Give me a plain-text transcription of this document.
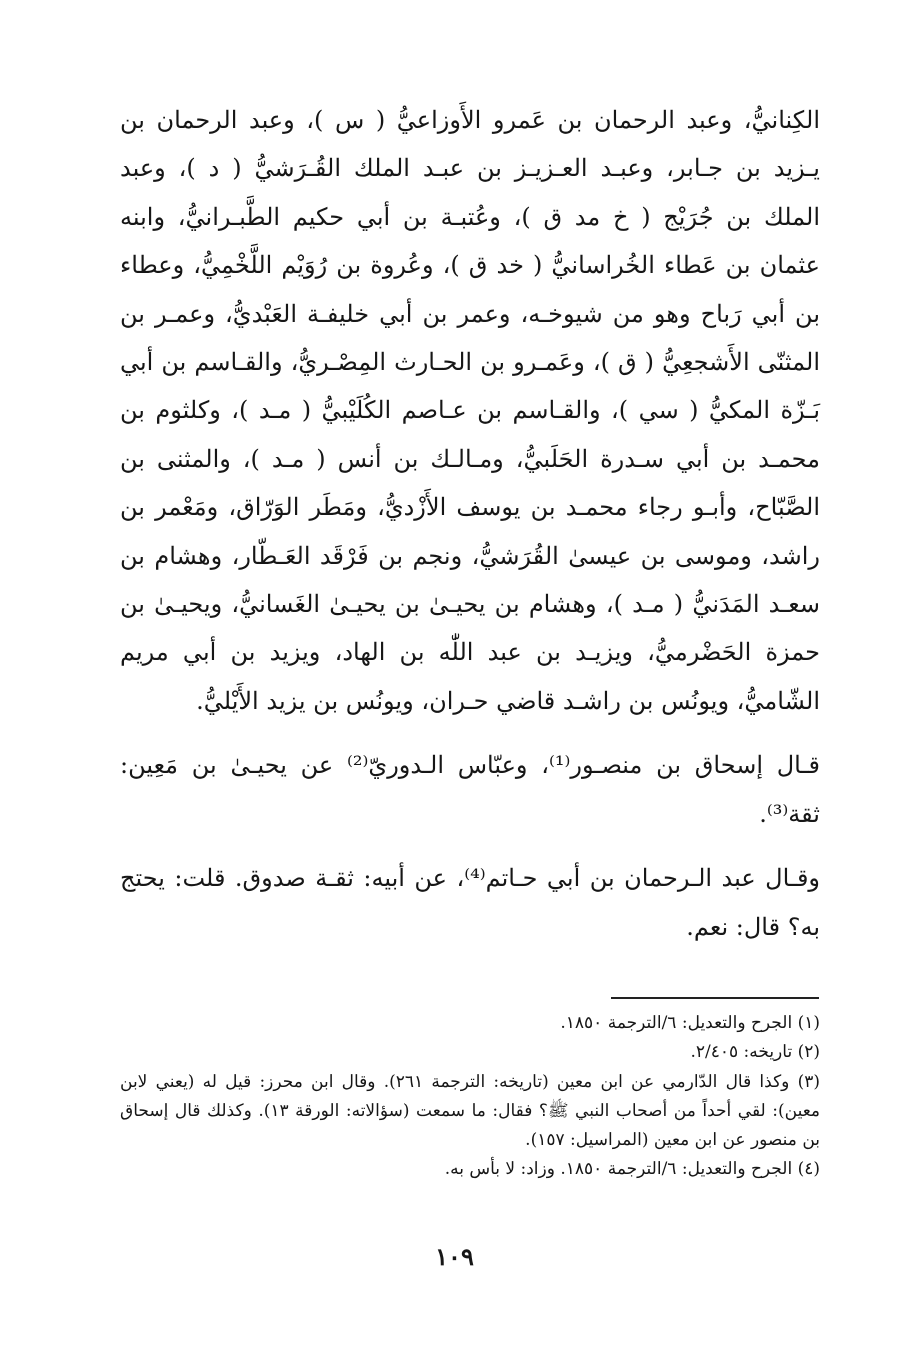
الكِنانيُّ، وعبد الرحمان بن عَمرو الأَوزاعيُّ ( س )، وعبد الرحمان بن يـزيد بن جـابر، وعبـد العـزيـز بن عبـد الملك القُـرَشيُّ ( د )، وعبد الملك بن جُرَيْج ( خ مد ق )، وعُتبـة بن أبي حكيم الطَّبـرانيُّ، وابنه عثمان بن عَطاء الخُراسانيُّ ( خد ق )، وعُروة بن رُوَيْم اللَّخْمِيُّ، وعطاء بن أبي رَباح وهو من شيوخـه، وعمر بن أبي خليفـة العَبْديُّ، وعمـر بن المثنّى الأَشجعِيُّ ( ق )، وعَمـرو بن الحـارث المِصْـريُّ، والقـاسم بن أبي بَـزّة المكيُّ ( سي )، والقـاسم بن عـاصم الكُلَيْبيُّ ( مـد )، وكلثوم بن محمـد بن أبي سـدرة الحَلَبيُّ، ومـالـك بن أنس ( مـد )، والمثنى بن الصَّبّاح، وأبـو رجاء محمـد بن يوسف الأَزْديُّ، ومَطَر الوَرّاق، ومَعْمر بن راشد، وموسى بن عيسىٰ القُرَشيُّ، ونجم بن فَرْقَد العَـطّار، وهشام بن سعـد المَدَنيُّ ( مـد )، وهشام بن يحيـىٰ بن يحيـىٰ الغَسانيُّ، ويحيـىٰ بن حمزة الحَضْرميُّ، ويزيـد بن عبد اللّٰه بن الهاد، ويزيد بن أبي مريم الشّاميُّ، ويونُس بن راشـد قاضي حـران، ويونُس بن يزيد الأَيْليُّ.

قـال إسحاق بن منصـور⁽¹⁾، وعبّاس الـدوريّ⁽²⁾ عن يحيـىٰ بن مَعِين: ثقة⁽³⁾.

وقـال عبد الـرحمان بن أبي حـاتم⁽⁴⁾، عن أبيه: ثقـة صدوق. قلت: يحتج به؟ قال: نعم.

(١) الجرح والتعديل: ٦/الترجمة ١٨٥٠.

(٢) تاريخه: ٢/٤٠٥.

(٣) وكذا قال الدّارمي عن ابن معين (تاريخه: الترجمة ٢٦١). وقال ابن محرز: قيل له (يعني لابن معين): لقي أحداً من أصحاب النبي ﷺ؟ فقال: ما سمعت (سؤالاته: الورقة ١٣). وكذلك قال إسحاق بن منصور عن ابن معين (المراسيل: ١٥٧).

(٤) الجرح والتعديل: ٦/الترجمة ١٨٥٠. وزاد: لا بأس به.

١٠٩
